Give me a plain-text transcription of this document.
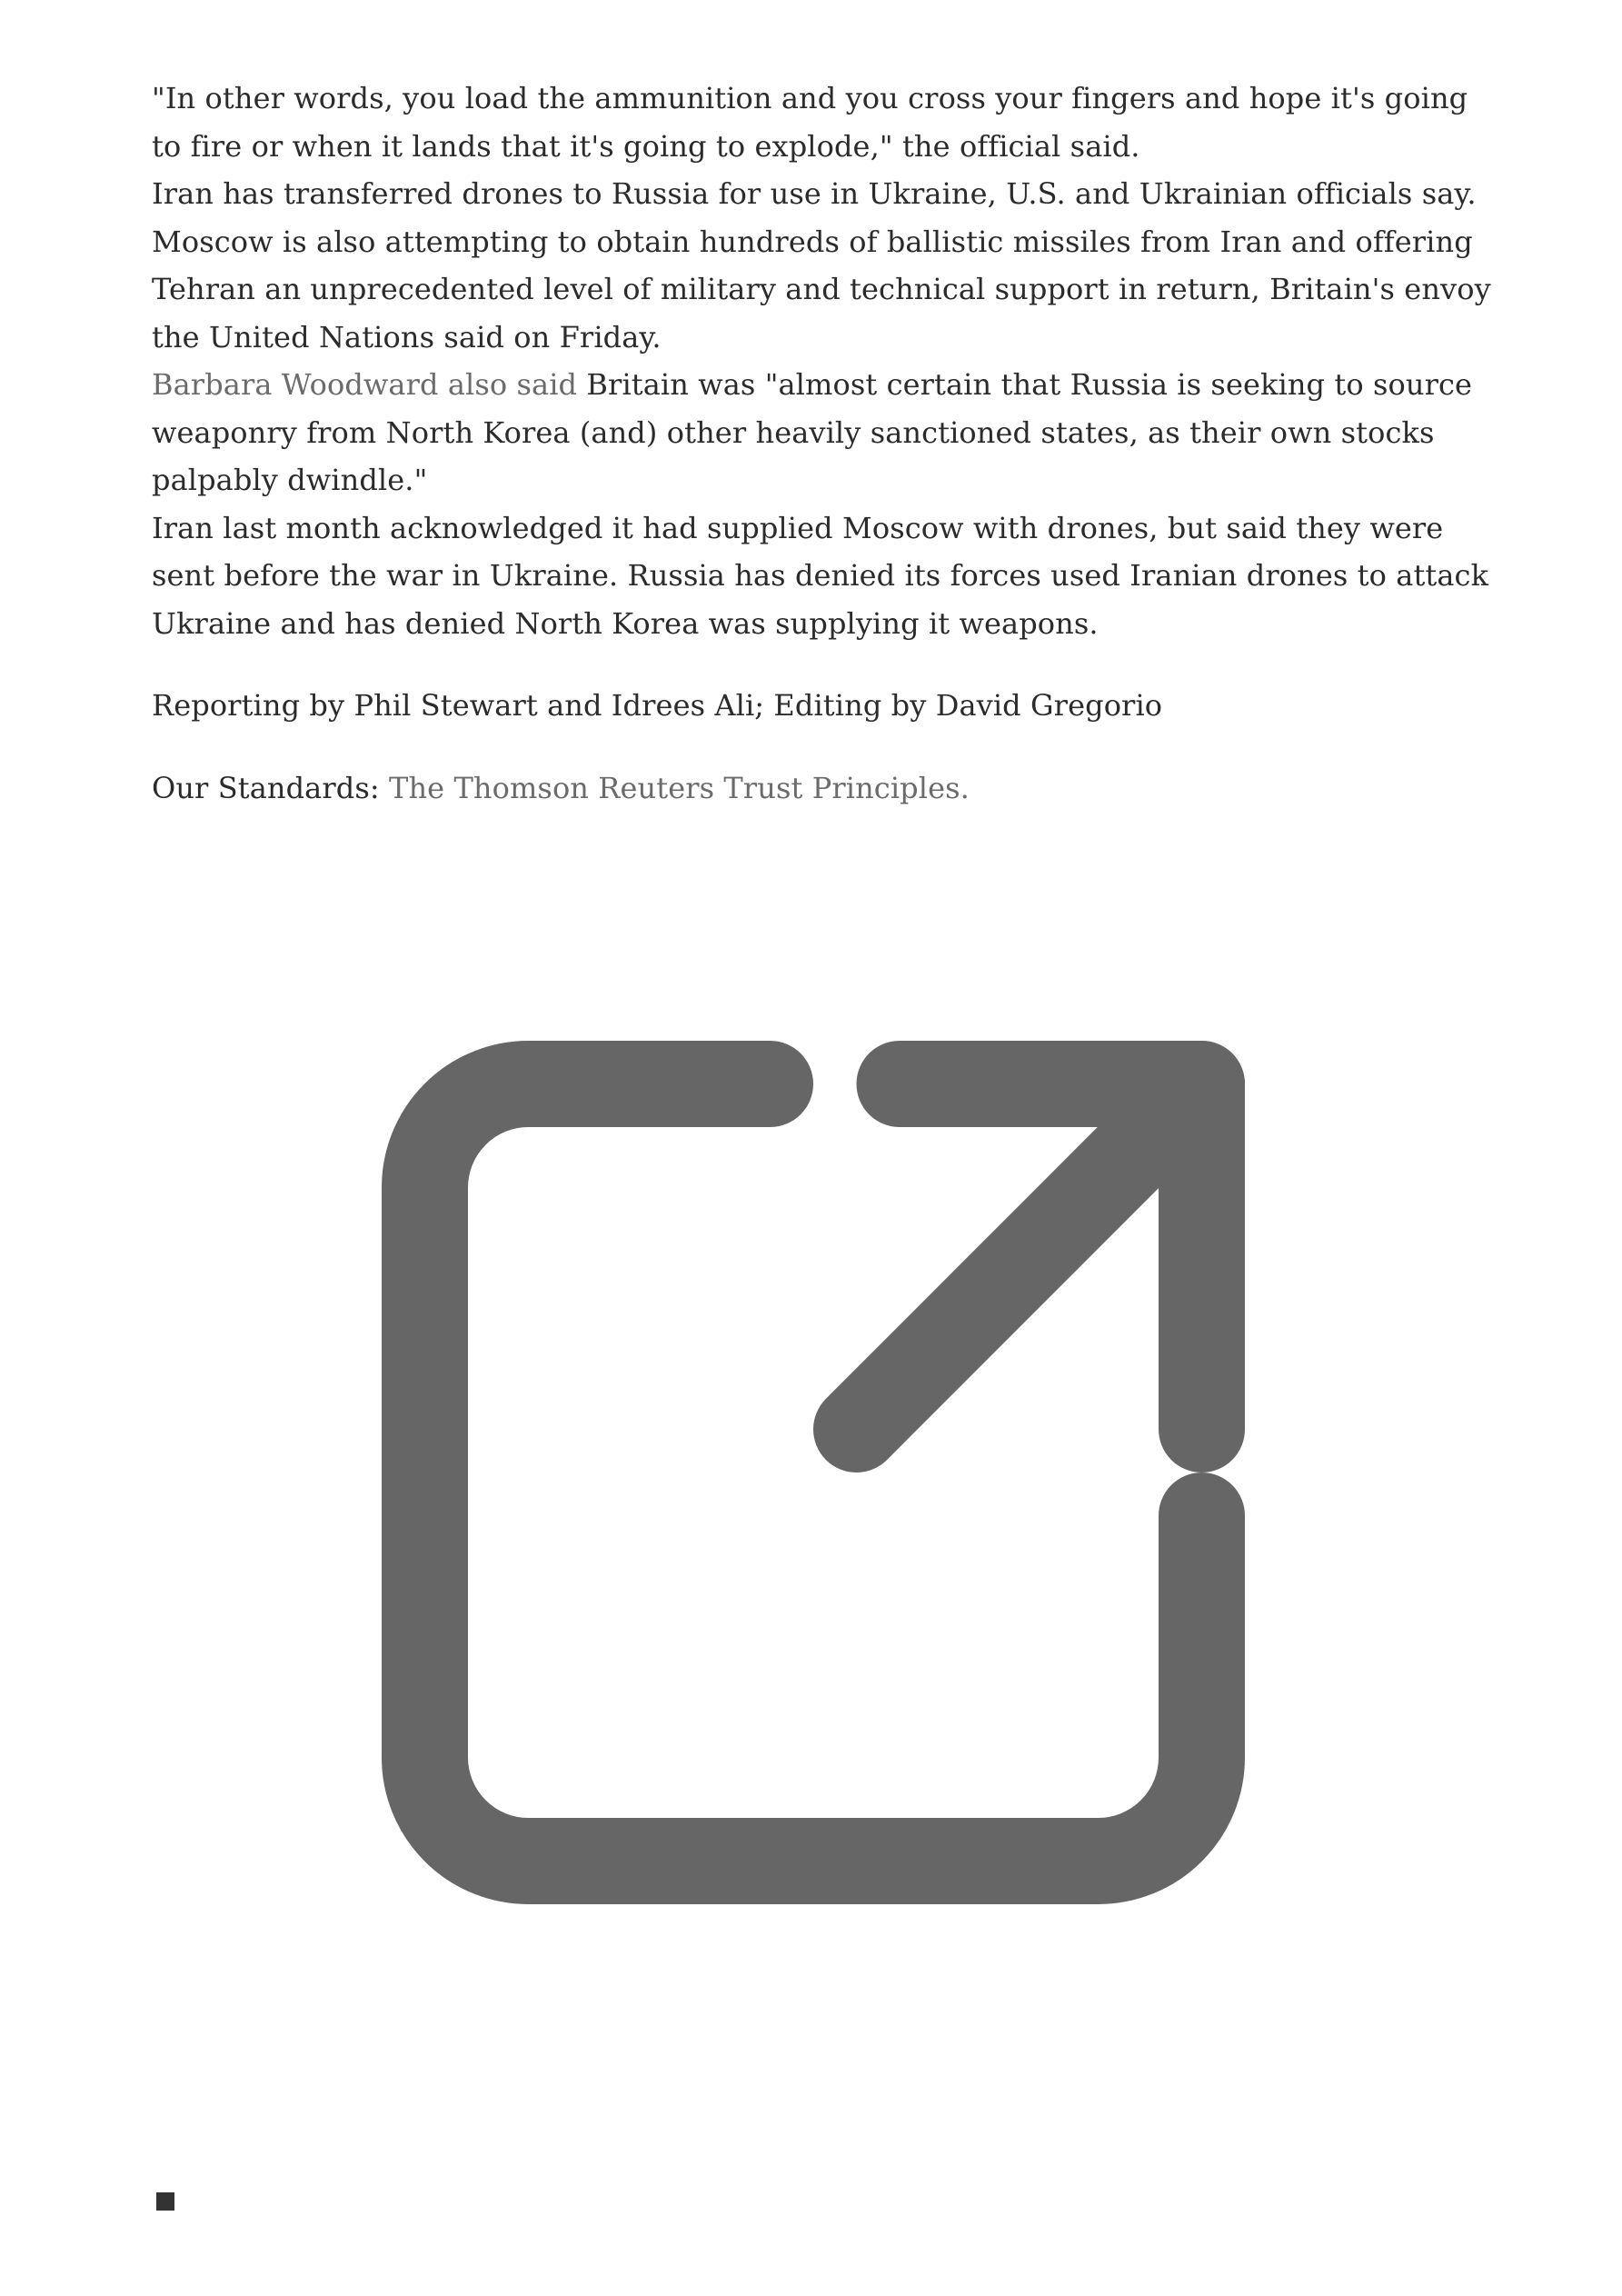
"In other words, you load the ammunition and you cross your fingers and hope it's going to fire or when it lands that it's going to explode," the official said.

Iran has transferred drones to Russia for use in Ukraine, U.S. and Ukrainian officials say. Moscow is also attempting to obtain hundreds of ballistic missiles from Iran and offering Tehran an unprecedented level of military and technical support in return, Britain's envoy the United Nations said on Friday.

Barbara Woodward also said Britain was "almost certain that Russia is seeking to source weaponry from North Korea (and) other heavily sanctioned states, as their own stocks palpably dwindle."

Iran last month acknowledged it had supplied Moscow with drones, but said they were sent before the war in Ukraine. Russia has denied its forces used Iranian drones to attack Ukraine and has denied North Korea was supplying it weapons.

Reporting by Phil Stewart and Idrees Ali; Editing by David Gregorio

Our Standards: The Thomson Reuters Trust Principles.
